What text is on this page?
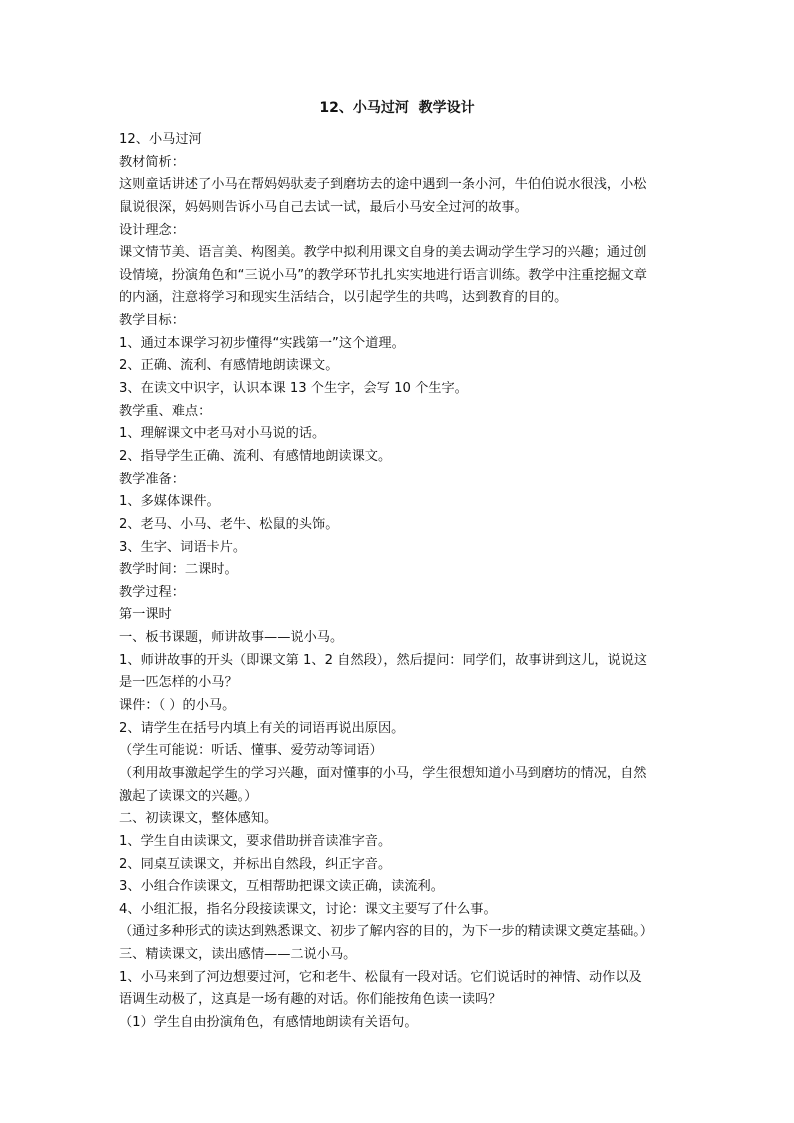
12、小马过河  教学设计
12、小马过河
教材简析：
这则童话讲述了小马在帮妈妈驮麦子到磨坊去的途中遇到一条小河，牛伯伯说水很浅，小松
鼠说很深，妈妈则告诉小马自己去试一试，最后小马安全过河的故事。
设计理念：
课文情节美、语言美、构图美。教学中拟利用课文自身的美去调动学生学习的兴趣；通过创
设情境，扮演角色和“三说小马”的教学环节扎扎实实地进行语言训练。教学中注重挖掘文章
的内涵，注意将学习和现实生活结合，以引起学生的共鸣，达到教育的目的。
教学目标：
1、通过本课学习初步懂得“实践第一”这个道理。
2、正确、流利、有感情地朗读课文。
3、在读文中识字，认识本课 13 个生字，会写 10 个生字。
教学重、难点：
1、理解课文中老马对小马说的话。
2、指导学生正确、流利、有感情地朗读课文。
教学准备：
1、多媒体课件。
2、老马、小马、老牛、松鼠的头饰。
3、生字、词语卡片。
教学时间：二课时。
教学过程：
第一课时
一、板书课题，师讲故事——说小马。
1、师讲故事的开头（即课文第 1、2 自然段），然后提问：同学们，故事讲到这儿，说说这
是一匹怎样的小马？
课件：（ ）的小马。
2、请学生在括号内填上有关的词语再说出原因。
（学生可能说：听话、懂事、爱劳动等词语）
（利用故事激起学生的学习兴趣，面对懂事的小马，学生很想知道小马到磨坊的情况，自然
激起了读课文的兴趣。）
二、初读课文，整体感知。
1、学生自由读课文，要求借助拼音读准字音。
2、同桌互读课文，并标出自然段，纠正字音。
3、小组合作读课文，互相帮助把课文读正确，读流利。
4、小组汇报，指名分段接读课文，讨论：课文主要写了什么事。
（通过多种形式的读达到熟悉课文、初步了解内容的目的，为下一步的精读课文奠定基础。）
三、精读课文，读出感情——二说小马。
1、小马来到了河边想要过河，它和老牛、松鼠有一段对话。它们说话时的神情、动作以及
语调生动极了，这真是一场有趣的对话。你们能按角色读一读吗？
（1）学生自由扮演角色，有感情地朗读有关语句。
